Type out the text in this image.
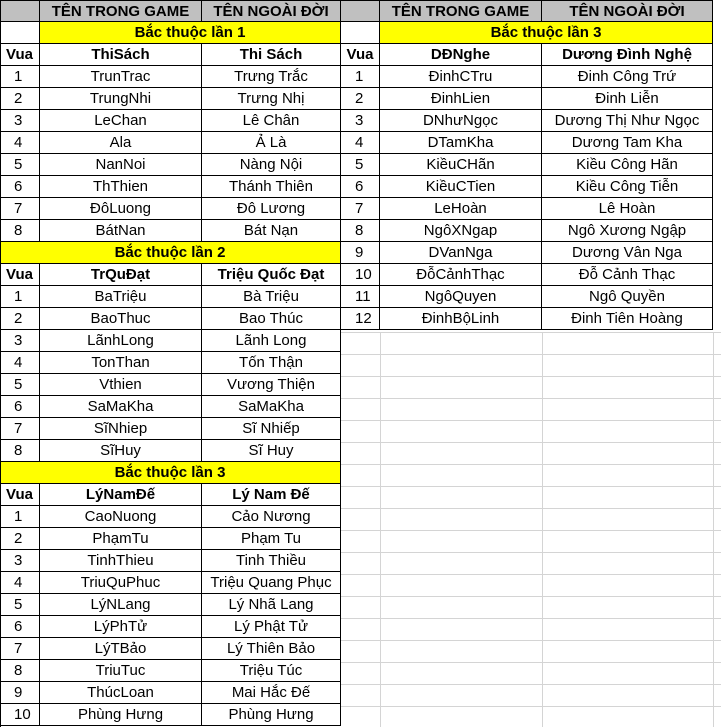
TÊN TRONG GAME	TÊN NGOÀI ĐỜI
Bắc thuộc lần 1
Vua	ThiSách	Thi Sách
1	TrunTrac	Trưng Trắc
2	TrungNhi	Trưng Nhị
3	LeChan	Lê Chân
4	Ala	Ả Là
5	NanNoi	Nàng Nội
6	ThThien	Thánh Thiên
7	ĐôLuong	Đô Lương
8	BátNan	Bát Nạn
Bắc thuộc lần 2
Vua	TrQuĐạt	Triệu Quốc Đạt
1	BaTriệu	Bà Triệu
2	BaoThuc	Bao Thúc
3	LãnhLong	Lãnh Long
4	TonThan	Tốn Thận
5	Vthien	Vương Thiện
6	SaMaKha	SaMaKha
7	SĩNhiep	Sĩ Nhiếp
8	SĩHuy	Sĩ Huy
Bắc thuộc lần 3
Vua	LýNamĐế	Lý Nam Đế
1	CaoNuong	Cảo Nương
2	PhạmTu	Phạm Tu
3	TinhThieu	Tinh Thiều
4	TriuQuPhuc	Triệu Quang Phục
5	LýNLang	Lý Nhã Lang
6	LýPhTử	Lý Phật Tử
7	LýTBảo	Lý Thiên Bảo
8	TriuTuc	Triệu Túc
9	ThúcLoan	Mai Hắc Đế
10	Phùng Hưng	Phùng Hưng
TÊN TRONG GAME	TÊN NGOÀI ĐỜI
Bắc thuộc lần 3
Vua	DĐNghe	Dương Đình Nghệ
1	ĐinhCTru	Đinh Công Trứ
2	ĐinhLien	Đinh Liễn
3	DNhưNgọc	Dương Thị Như Ngọc
4	DTamKha	Dương Tam Kha
5	KiềuCHãn	Kiều Công Hãn
6	KiềuCTien	Kiều Công Tiễn
7	LeHoàn	Lê Hoàn
8	NgôXNgap	Ngô Xương Ngập
9	DVanNga	Dương Vân Nga
10	ĐỗCảnhThạc	Đỗ Cảnh Thạc
11	NgôQuyen	Ngô Quyền
12	ĐinhBộLinh	Đinh Tiên Hoàng
